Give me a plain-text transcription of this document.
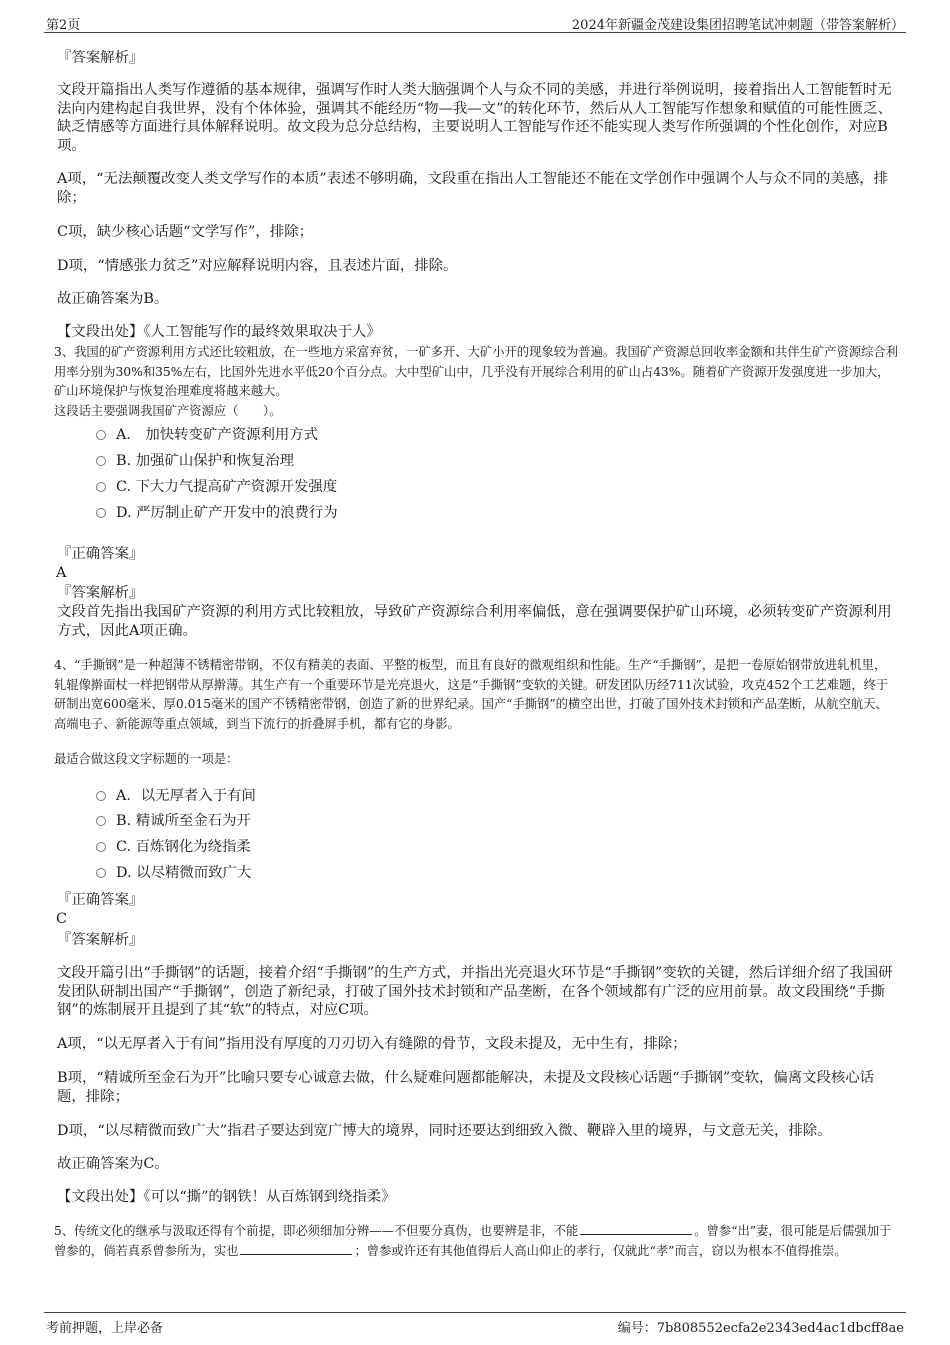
第2页	2024年新疆金茂建设集团招聘笔试冲刺题（带答案解析）
『答案解析』
文段开篇指出人类写作遵循的基本规律，强调写作时人类大脑强调个人与众不同的美感，并进行举例说明，接着指出人工智能暂时无法向内建构起自我世界，没有个体体验，强调其不能经历“物—我—文”的转化环节，然后从人工智能写作想象和赋值的可能性匮乏、缺乏情感等方面进行具体解释说明。故文段为总分总结构，主要说明人工智能写作还不能实现人类写作所强调的个性化创作，对应B项。
A项，“无法颠覆改变人类文学写作的本质”表述不够明确，文段重在指出人工智能还不能在文学创作中强调个人与众不同的美感，排除；
C项，缺少核心话题“文学写作”，排除；
D项，“情感张力贫乏”对应解释说明内容，且表述片面，排除。
故正确答案为B。
【文段出处】《人工智能写作的最终效果取决于人》
3、我国的矿产资源利用方式还比较粗放，在一些地方采富弃贫，一矿多开、大矿小开的现象较为普遍。我国矿产资源总回收率金额和共伴生矿产资源综合利用率分别为30%和35%左右，比国外先进水平低20个百分点。大中型矿山中，几乎没有开展综合利用的矿山占43%。随着矿产资源开发强度进一步加大，矿山环境保护与恢复治理难度将越来越大。
这段话主要强调我国矿产资源应（　　）。
A． 加快转变矿产资源利用方式
B. 加强矿山保护和恢复治理
C. 下大力气提高矿产资源开发强度
D. 严厉制止矿产开发中的浪费行为
『正确答案』
A
『答案解析』
文段首先指出我国矿产资源的利用方式比较粗放，导致矿产资源综合利用率偏低，意在强调要保护矿山环境，必须转变矿产资源利用方式，因此A项正确。
4、“手撕钢”是一种超薄不锈精密带钢，不仅有精美的表面、平整的板型，而且有良好的微观组织和性能。生产“手撕钢”，是把一卷原始钢带放进轧机里，轧辊像擀面杖一样把钢带从厚擀薄。其生产有一个重要环节是光亮退火，这是“手撕钢”变软的关键。研发团队历经711次试验，攻克452个工艺难题，终于研制出宽600毫米、厚0.015毫米的国产不锈精密带钢，创造了新的世界纪录。国产“手撕钢”的横空出世，打破了国外技术封锁和产品垄断，从航空航天、高端电子、新能源等重点领域，到当下流行的折叠屏手机，都有它的身影。
最适合做这段文字标题的一项是：
A．以无厚者入于有间
B. 精诚所至金石为开
C. 百炼钢化为绕指柔
D. 以尽精微而致广大
『正确答案』
C
『答案解析』
文段开篇引出“手撕钢”的话题，接着介绍“手撕钢”的生产方式，并指出光亮退火环节是“手撕钢”变软的关键，然后详细介绍了我国研发团队研制出国产“手撕钢”，创造了新纪录，打破了国外技术封锁和产品垄断，在各个领域都有广泛的应用前景。故文段围绕“手撕钢”的炼制展开且提到了其“软”的特点，对应C项。
A项，“以无厚者入于有间”指用没有厚度的刀刃切入有缝隙的骨节，文段未提及，无中生有，排除；
B项，“精诚所至金石为开”比喻只要专心诚意去做，什么疑难问题都能解决，未提及文段核心话题“手撕钢”变软，偏离文段核心话题，排除；
D项，“以尽精微而致广大”指君子要达到宽广博大的境界，同时还要达到细致入微、鞭辟入里的境界，与文意无关，排除。
故正确答案为C。
【文段出处】《可以“撕”的钢铁！从百炼钢到绕指柔》
5、传统文化的继承与汲取还得有个前提，即必须细加分辨——不但要分真伪，也要辨是非，不能	。曾参“出”妻，很可能是后儒强加于曾参的，倘若真系曾参所为，实也	；曾参或许还有其他值得后人高山仰止的孝行，仅就此“孝”而言，窃以为根本不值得推崇。
考前押题，上岸必备	编号：7b808552ecfa2e2343ed4ac1dbcff8ae
